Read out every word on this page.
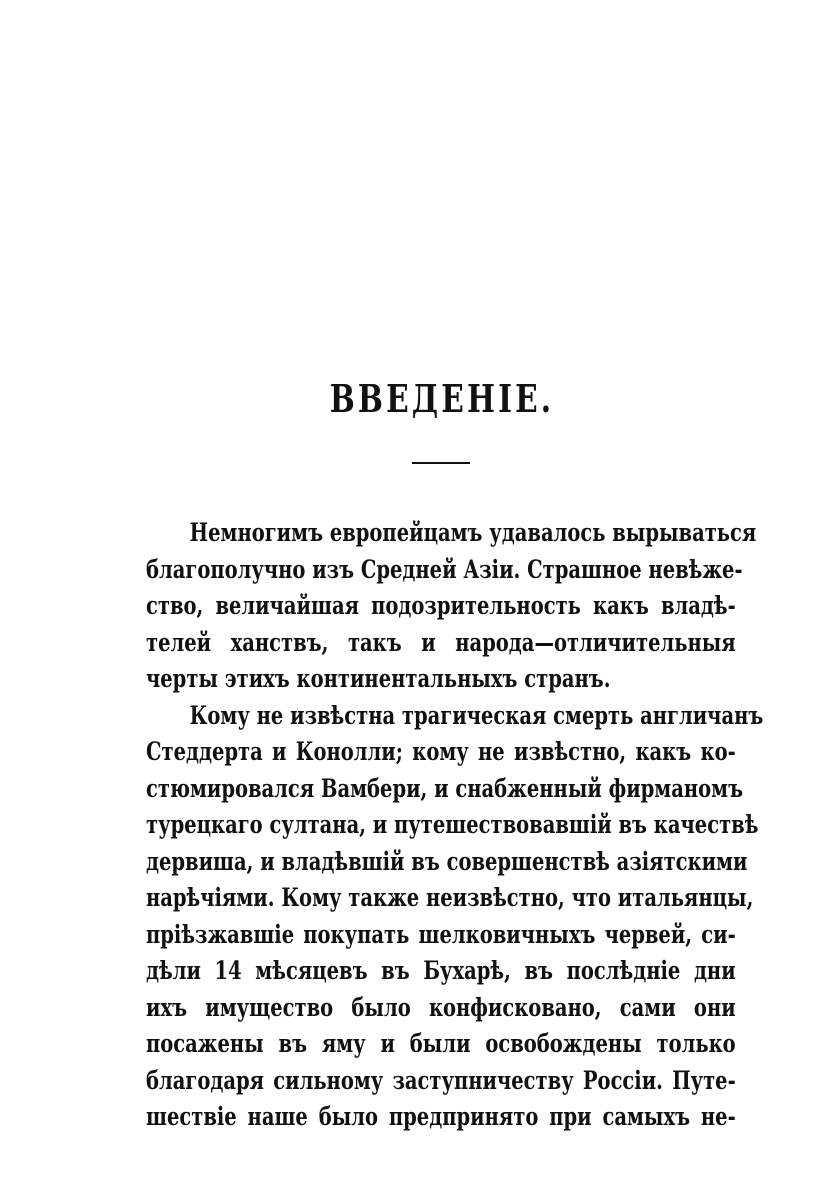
ВВЕДЕНІЕ.
Немногимъ европейцамъ удавалось вырываться
благополучно изъ Средней Азіи. Страшное невѣже-
ство, величайшая подозрительность какъ владѣ-
телей ханствъ, такъ и народа—отличительныя
черты этихъ континентальныхъ странъ.
Кому не извѣстна трагическая смерть англичанъ
Стеддерта и Конолли; кому не извѣстно, какъ ко-
стюмировался Вамбери, и снабженный фирманомъ
турецкаго султана, и путешествовавшій въ качествѣ
дервиша, и владѣвшій въ совершенствѣ азіятскими
нарѣчіями. Кому также неизвѣстно, что итальянцы,
пріѣзжавшіе покупать шелковичныхъ червей, си-
дѣли 14 мѣсяцевъ въ Бухарѣ, въ послѣдніе дни
ихъ имущество было конфисковано, сами они
посажены въ яму и были освобождены только
благодаря сильному заступничеству Россіи. Путе-
шествіе наше было предпринято при самыхъ не-
